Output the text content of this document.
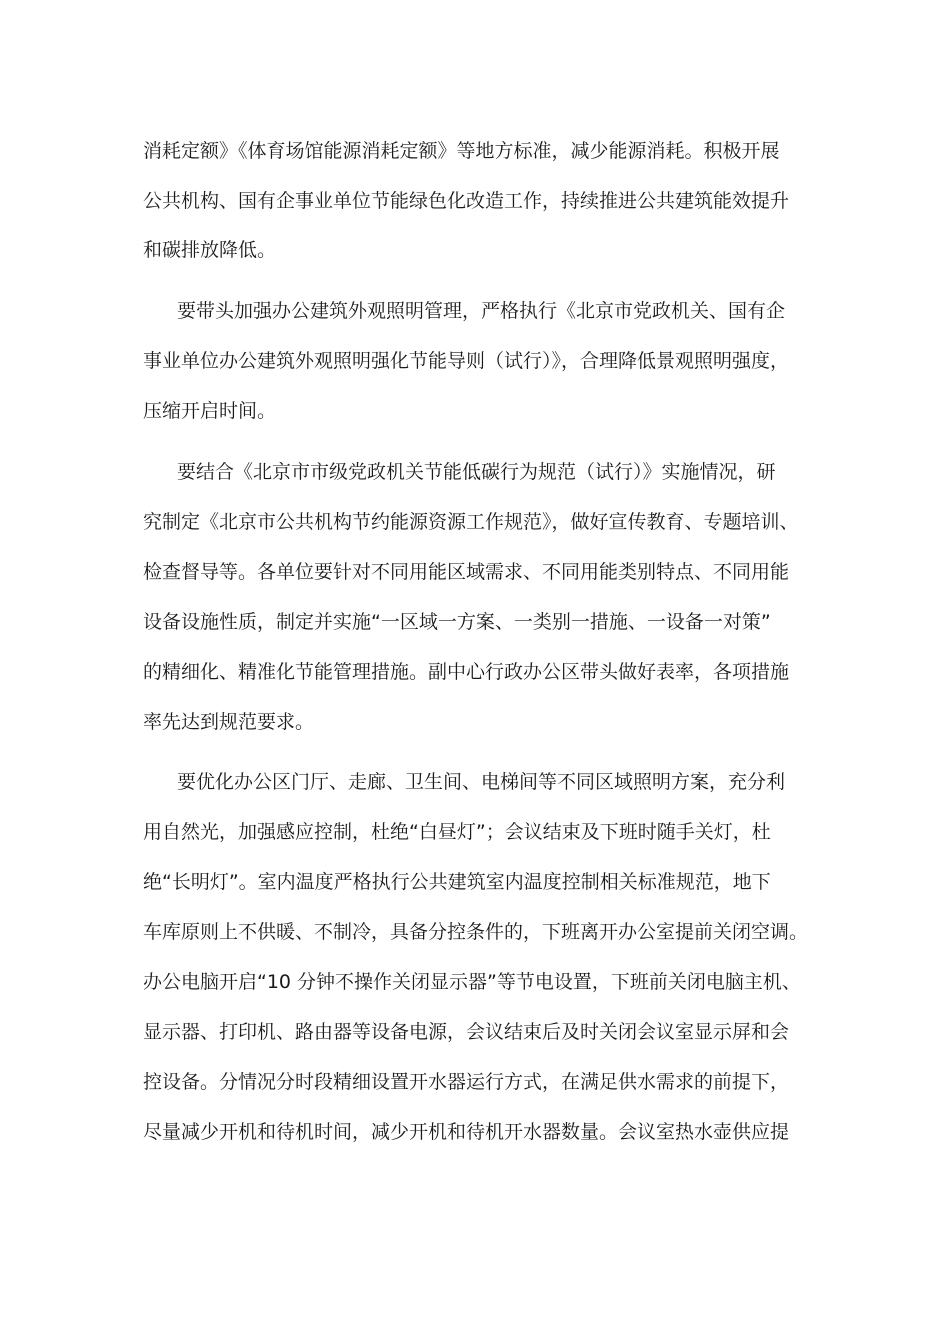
消耗定额》《体育场馆能源消耗定额》等地方标准，减少能源消耗。积极开展
公共机构、国有企事业单位节能绿色化改造工作，持续推进公共建筑能效提升
和碳排放降低。
要带头加强办公建筑外观照明管理，严格执行《北京市党政机关、国有企
事业单位办公建筑外观照明强化节能导则（试行）》，合理降低景观照明强度，
压缩开启时间。
要结合《北京市市级党政机关节能低碳行为规范（试行）》实施情况，研
究制定《北京市公共机构节约能源资源工作规范》，做好宣传教育、专题培训、
检查督导等。各单位要针对不同用能区域需求、不同用能类别特点、不同用能
设备设施性质，制定并实施“一区域一方案、一类别一措施、一设备一对策”
的精细化、精准化节能管理措施。副中心行政办公区带头做好表率，各项措施
率先达到规范要求。
要优化办公区门厅、走廊、卫生间、电梯间等不同区域照明方案，充分利
用自然光，加强感应控制，杜绝“白昼灯”；会议结束及下班时随手关灯，杜
绝“长明灯”。室内温度严格执行公共建筑室内温度控制相关标准规范，地下
车库原则上不供暖、不制冷，具备分控条件的，下班离开办公室提前关闭空调。
办公电脑开启“10 分钟不操作关闭显示器”等节电设置，下班前关闭电脑主机、
显示器、打印机、路由器等设备电源，会议结束后及时关闭会议室显示屏和会
控设备。分情况分时段精细设置开水器运行方式，在满足供水需求的前提下，
尽量减少开机和待机时间，减少开机和待机开水器数量。会议室热水壶供应提
